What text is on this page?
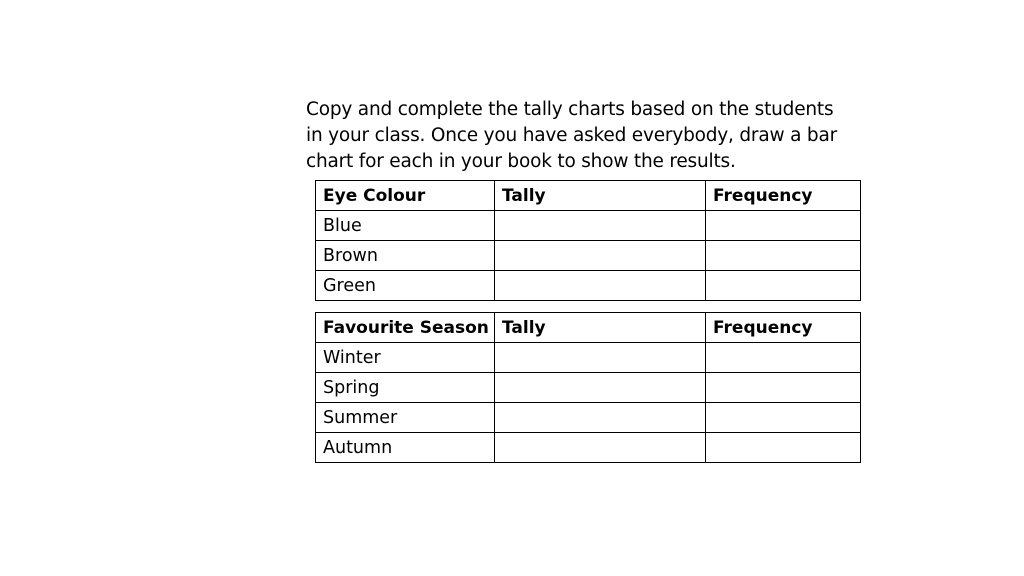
Copy and complete the tally charts based on the students
in your class. Once you have asked everybody, draw a bar
chart for each in your book to show the results.

Eye Colour	Tally	Frequency
Blue		
Brown		
Green		
Favourite Season	Tally	Frequency
Winter		
Spring		
Summer		
Autumn		
